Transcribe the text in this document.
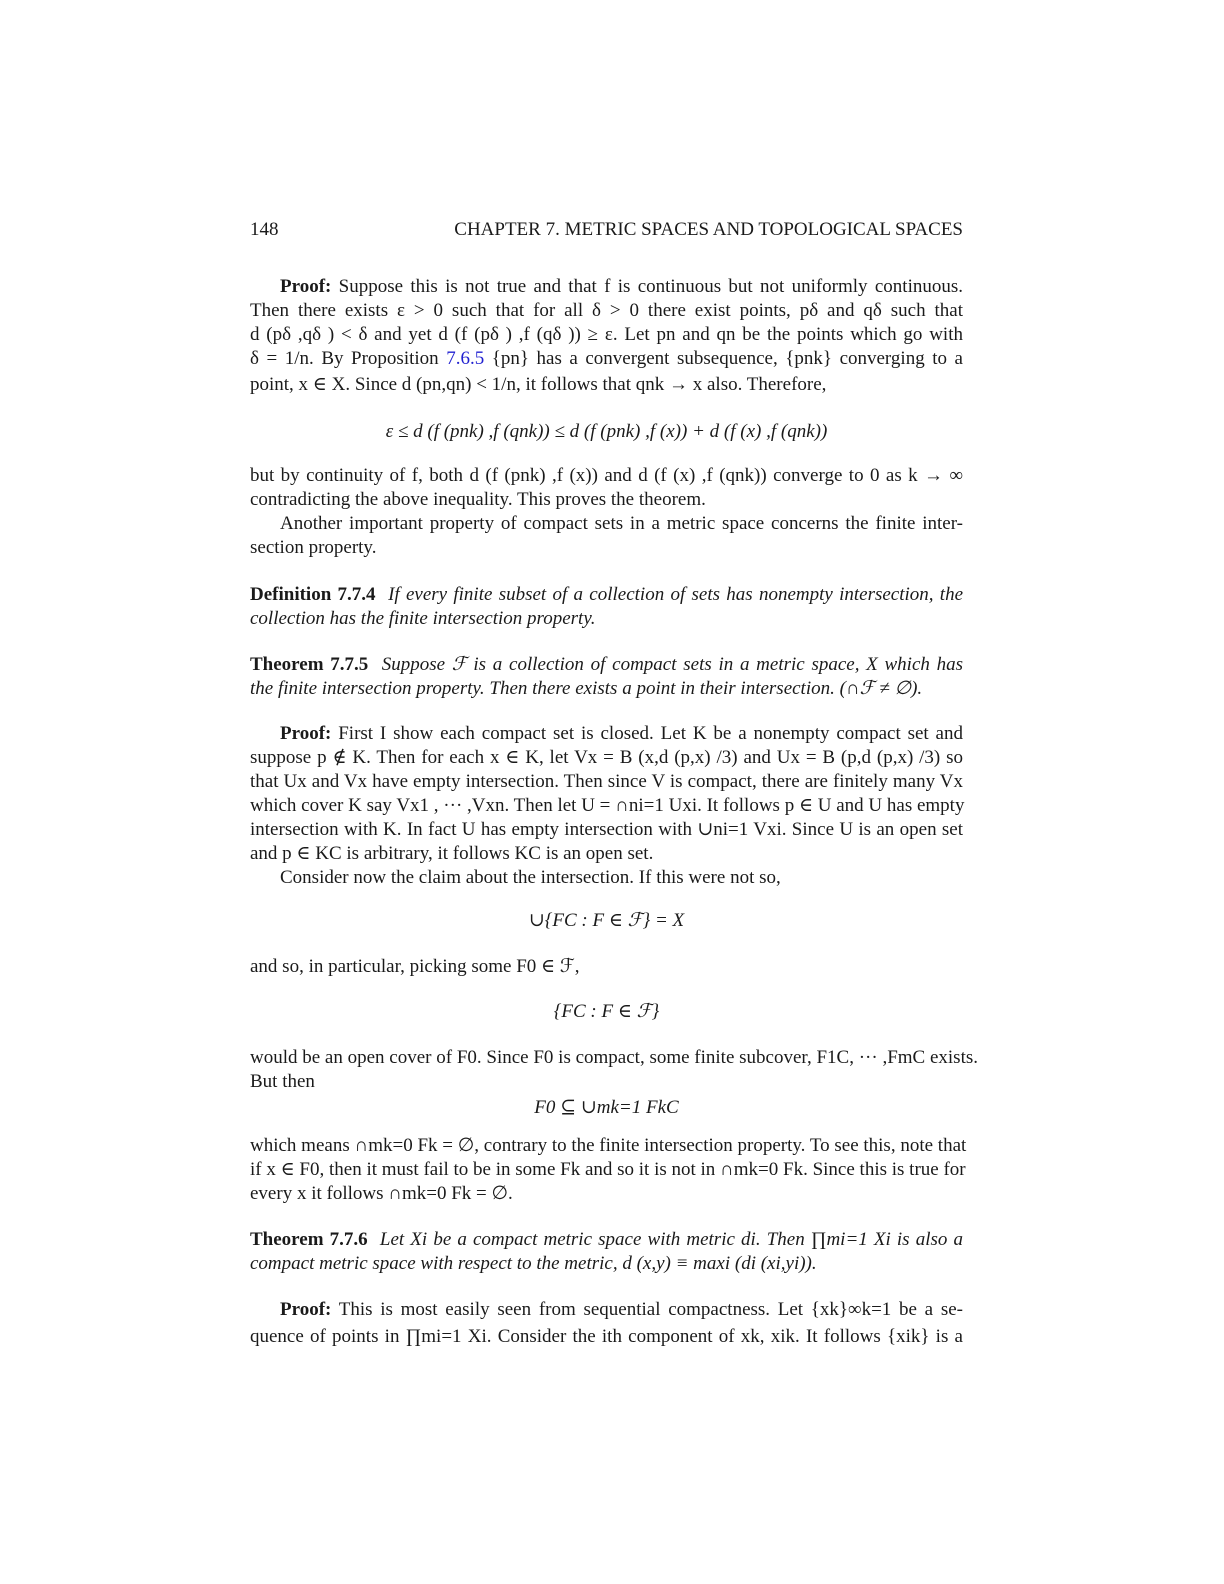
148	CHAPTER 7. METRIC SPACES AND TOPOLOGICAL SPACES
Proof: Suppose this is not true and that f is continuous but not uniformly continuous.
Then there exists ε > 0 such that for all δ > 0 there exist points, pδ and qδ such that
d (pδ ,qδ ) < δ and yet d (f (pδ ) ,f (qδ )) ≥ ε. Let pn and qn be the points which go with
δ = 1/n. By Proposition 7.6.5 {pn} has a convergent subsequence, {pnk} converging to a
point, x ∈ X. Since d (pn,qn) < 1/n, it follows that qnk → x also. Therefore,
ε ≤ d (f (pnk) ,f (qnk)) ≤ d (f (pnk) ,f (x)) + d (f (x) ,f (qnk))
but by continuity of f, both d (f (pnk) ,f (x)) and d (f (x) ,f (qnk)) converge to 0 as k → ∞
contradicting the above inequality. This proves the theorem.
Another important property of compact sets in a metric space concerns the finite inter-
section property.
Definition 7.7.4 If every finite subset of a collection of sets has nonempty intersection, the
collection has the finite intersection property.
Theorem 7.7.5 Suppose ℱ is a collection of compact sets in a metric space, X which has
the finite intersection property. Then there exists a point in their intersection. (∩ℱ ≠ ∅).
Proof: First I show each compact set is closed. Let K be a nonempty compact set and
suppose p ∉ K. Then for each x ∈ K, let Vx = B (x,d (p,x) /3) and Ux = B (p,d (p,x) /3) so
that Ux and Vx have empty intersection. Then since V is compact, there are finitely many Vx
which cover K say Vx1 , ··· ,Vxn. Then let U = ∩ni=1 Uxi. It follows p ∈ U and U has empty
intersection with K. In fact U has empty intersection with ∪ni=1 Vxi. Since U is an open set
and p ∈ KC is arbitrary, it follows KC is an open set.
Consider now the claim about the intersection. If this were not so,
∪{FC : F ∈ ℱ} = X
and so, in particular, picking some F0 ∈ ℱ,
{FC : F ∈ ℱ}
would be an open cover of F0. Since F0 is compact, some finite subcover, F1C, ··· ,FmC exists.
But then
F0 ⊆ ∪mk=1 FkC
which means ∩mk=0 Fk = ∅, contrary to the finite intersection property. To see this, note that
if x ∈ F0, then it must fail to be in some Fk and so it is not in ∩mk=0 Fk. Since this is true for
every x it follows ∩mk=0 Fk = ∅.
Theorem 7.7.6 Let Xi be a compact metric space with metric di. Then ∏mi=1 Xi is also a
compact metric space with respect to the metric, d (x,y) ≡ maxi (di (xi,yi)).
Proof: This is most easily seen from sequential compactness. Let {xk}∞k=1 be a se-
quence of points in ∏mi=1 Xi. Consider the ith component of xk, xik. It follows {xik} is a
